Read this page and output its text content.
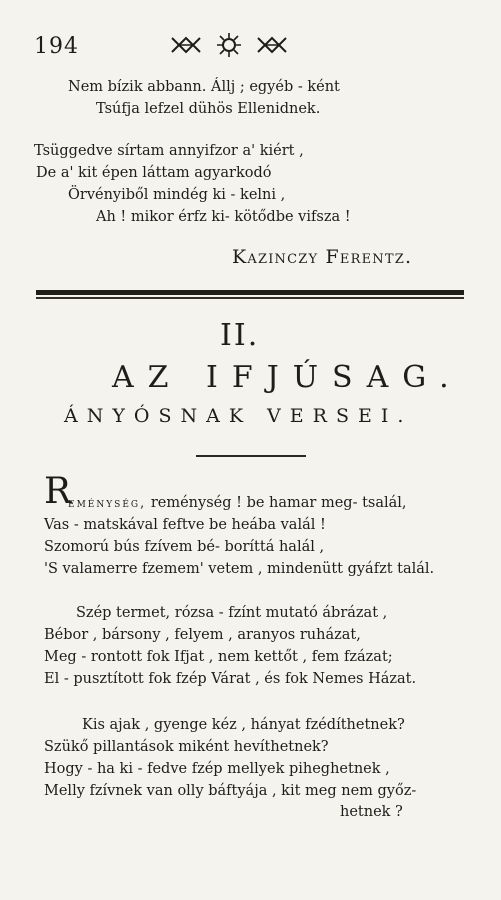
194
Nem bízik abbann. Állj ; egyéb - ként
Tsúfja lefzel dühös Ellenidnek.
Tsüggedve sírtam annyifzor a' kiért ,
De a' kit épen láttam agyarkodó
Örvényiből mindég ki - kelni ,
Ah ! mikor érfz ki- kötődbe vifsza !
Kazinczy Ferentz.
II.
AZ IFJÚSAG.
ÁNYÓSNAK VERSEI.
R
eménység, reménység ! be hamar meg- tsalál,
Vas - matskával feftve be heába valál !
Szomorú bús fzívem bé- boríttá halál ,
'S valamerre fzemem' vetem , mindenütt gyáfzt talál.
Szép termet, rózsa - fzínt mutató ábrázat ,
Bébor , bársony , felyem , aranyos ruházat,
Meg - rontott fok Ifjat , nem kettőt , fem fzázat;
El - pusztított fok fzép Várat , és fok Nemes Házat.
Kis ajak , gyenge kéz , hányat fzédíthetnek?
Szükő pillantások miként hevíthetnek?
Hogy - ha ki - fedve fzép mellyek piheghetnek ,
Melly fzívnek van olly báftyája , kit meg nem győz-
hetnek ?
